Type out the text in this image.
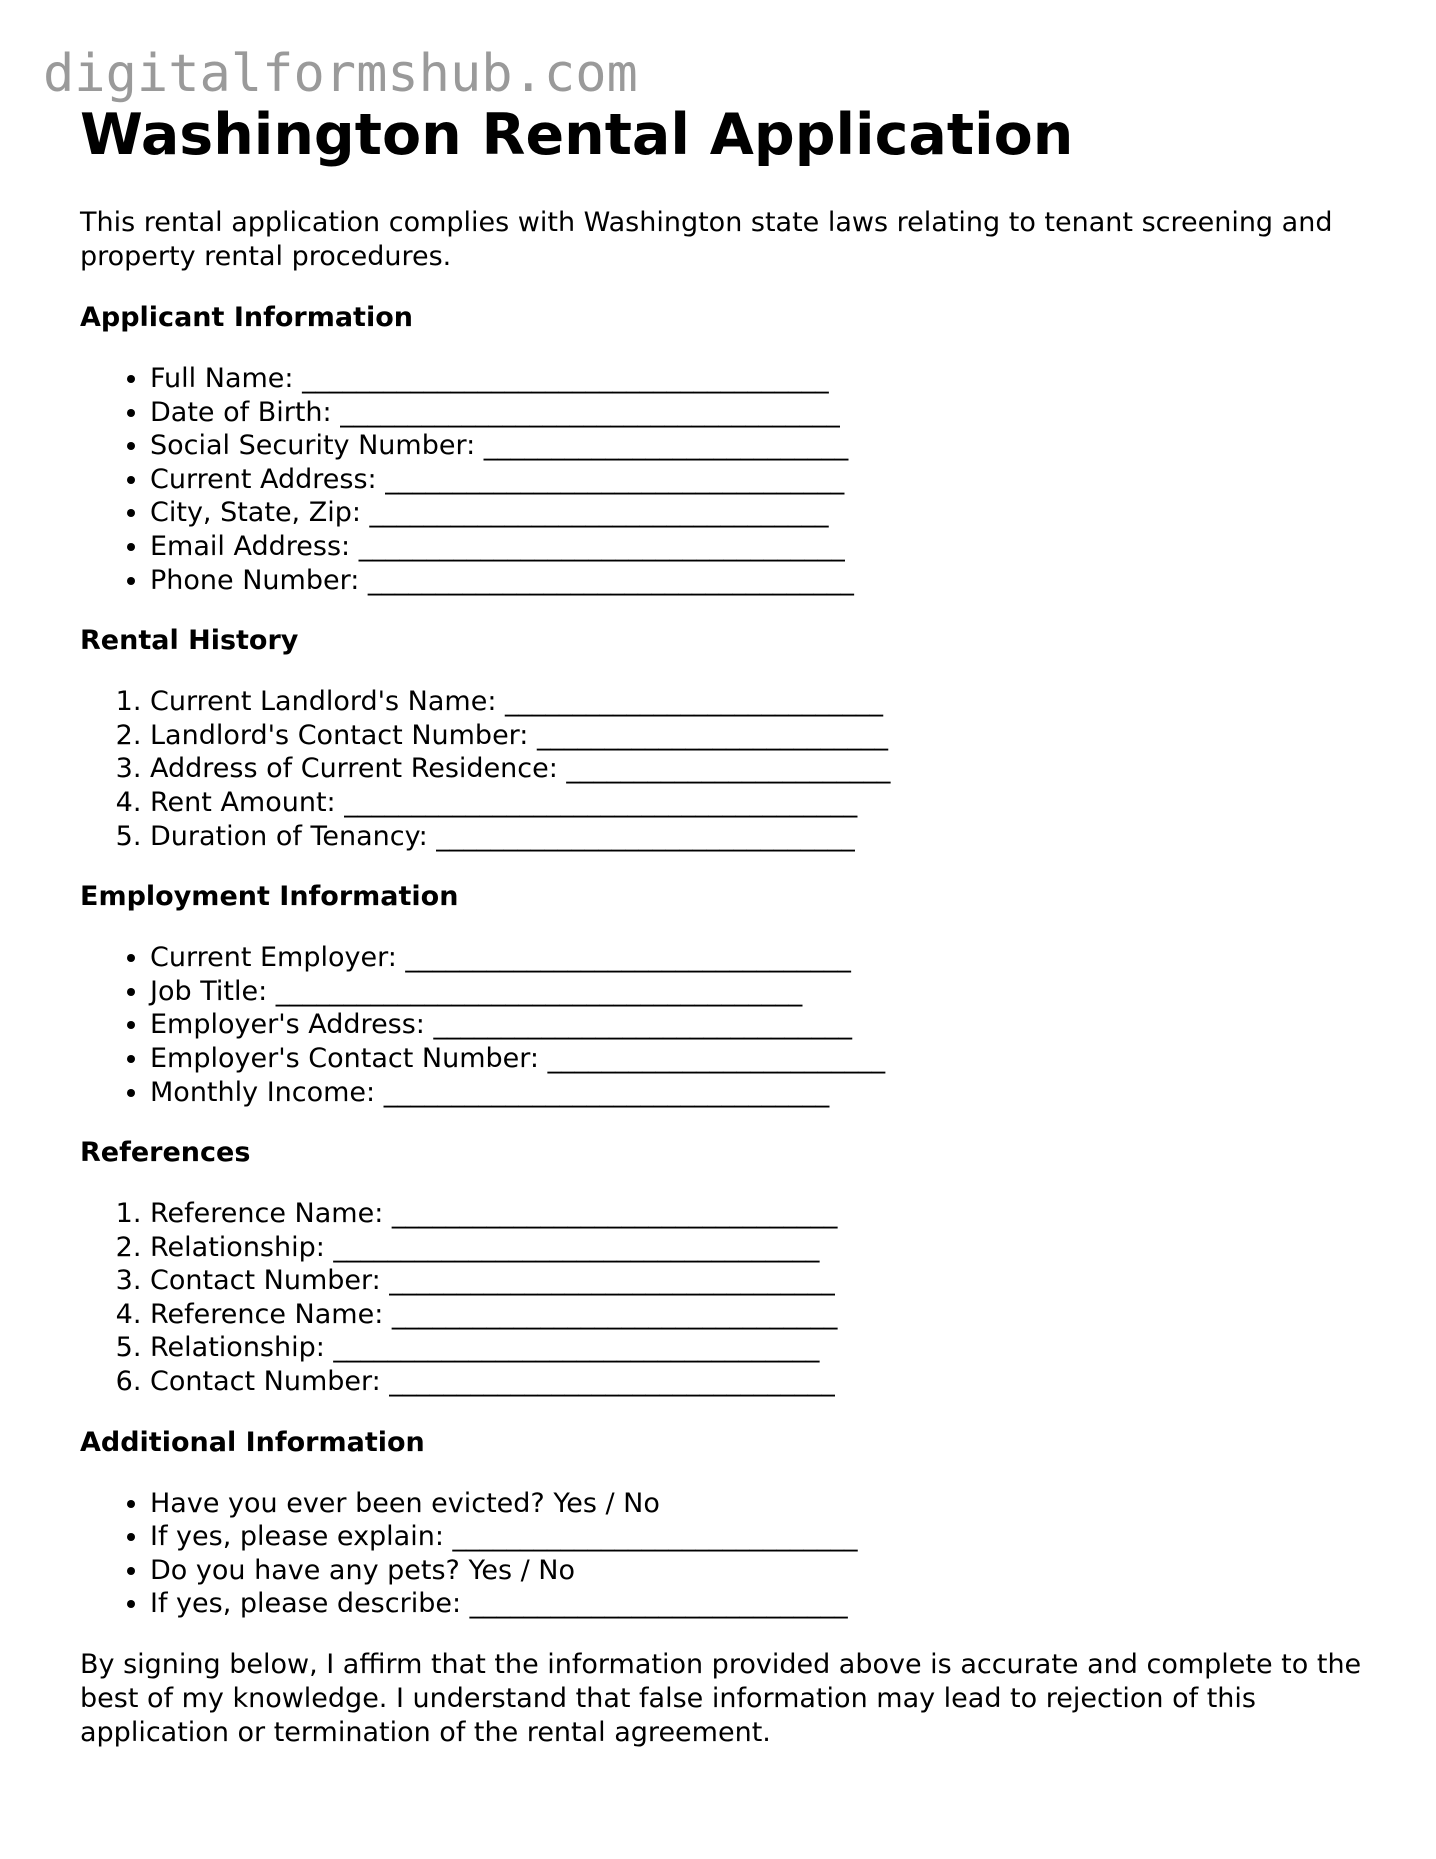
digitalformshub.com
Washington Rental Application

This rental application complies with Washington state laws relating to tenant screening and property rental procedures.

Applicant Information
• Full Name: _______________________________________
• Date of Birth: _____________________________________
• Social Security Number: ___________________________
• Current Address: __________________________________
• City, State, Zip: __________________________________
• Email Address: ____________________________________
• Phone Number: ____________________________________
Rental History
1. Current Landlord's Name: ____________________________
2. Landlord's Contact Number: __________________________
3. Address of Current Residence: ________________________
4. Rent Amount: ______________________________________
5. Duration of Tenancy: _______________________________
Employment Information
• Current Employer: _________________________________
• Job Title: _______________________________________
• Employer's Address: _______________________________
• Employer's Contact Number: _________________________
• Monthly Income: _________________________________
References
1. Reference Name: _________________________________
2. Relationship: ____________________________________
3. Contact Number: _________________________________
4. Reference Name: _________________________________
5. Relationship: ____________________________________
6. Contact Number: _________________________________
Additional Information
• Have you ever been evicted? Yes / No
• If yes, please explain: ______________________________
• Do you have any pets? Yes / No
• If yes, please describe: ____________________________

By signing below, I affirm that the information provided above is accurate and complete to the best of my knowledge. I understand that false information may lead to rejection of this application or termination of the rental agreement.
